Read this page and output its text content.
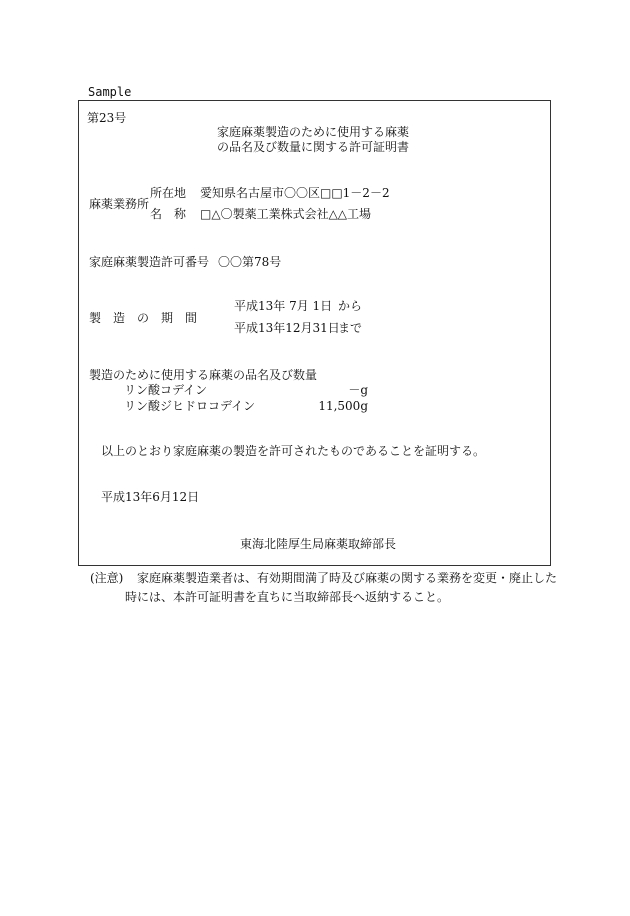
Sample
第23号
家庭麻薬製造のために使用する麻薬
の品名及び数量に関する許可証明書
麻薬業務所
所在地 愛知県名古屋市〇〇区□□1－2－2
名　称 □△〇製薬工業株式会社△△工場
家庭麻薬製造許可番号 〇〇第78号
製　造　の　期　間
平成13年 7月 1日 から
平成13年12月31日
まで
製造のために使用する麻薬の品名及び数量
リン酸コデイン	－g
リン酸ジヒドロコデイン	11,500g
以上のとおり家庭麻薬の製造を許可されたものであることを証明する。
平成13年6月12日
東海北陸厚生局麻薬取締部長
(注意) 家庭麻薬製造業者は、有効期間満了時及び麻薬の関する業務を変更・廃止した
時には、本許可証明書を直ちに当取締部長へ返納すること。
